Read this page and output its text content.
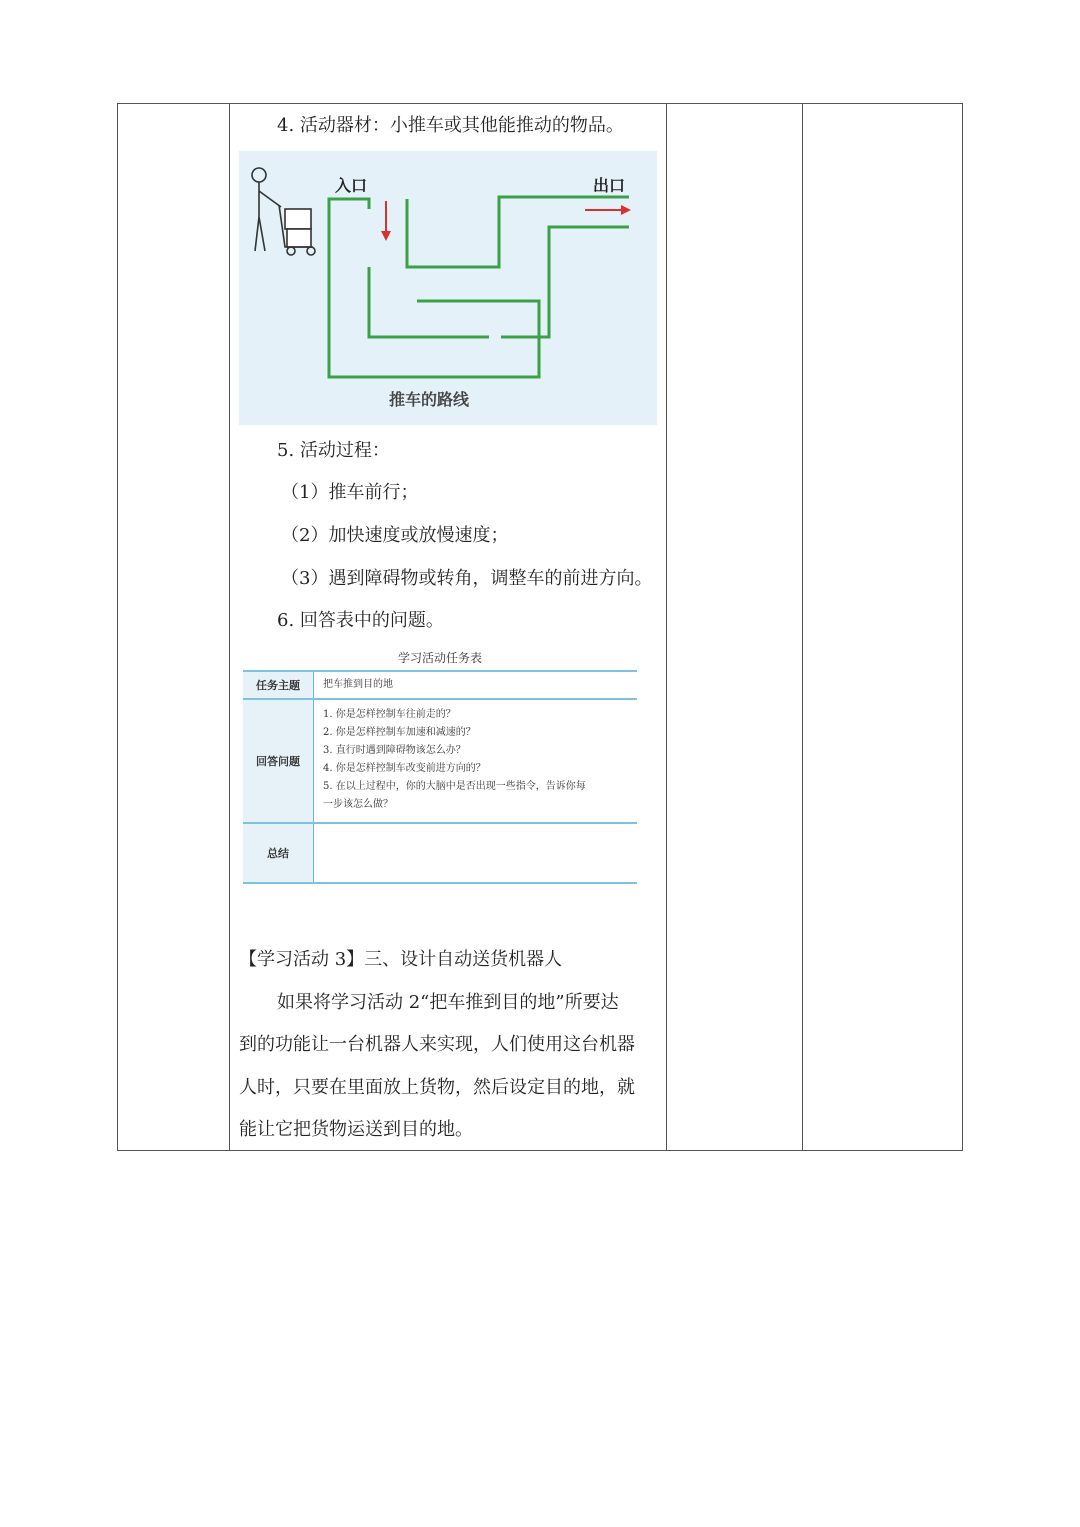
4. 活动器材：小推车或其他能推动的物品。
入口	出口
推车的路线
5. 活动过程：
（1）推车前行；
（2）加快速度或放慢速度；
（3）遇到障碍物或转角，调整车的前进方向。
6. 回答表中的问题。
学习活动任务表
任务主题	把车推到目的地
回答问题
1. 你是怎样控制车往前走的？
2. 你是怎样控制车加速和减速的？
3. 直行时遇到障碍物该怎么办？
4. 你是怎样控制车改变前进方向的？
5. 在以上过程中，你的大脑中是否出现一些指令，告诉你每
一步该怎么做？
总结
【学习活动 3】三、设计自动送货机器人
如果将学习活动 2“把车推到目的地”所要达
到的功能让一台机器人来实现，人们使用这台机器
人时，只要在里面放上货物，然后设定目的地，就
能让它把货物运送到目的地。
